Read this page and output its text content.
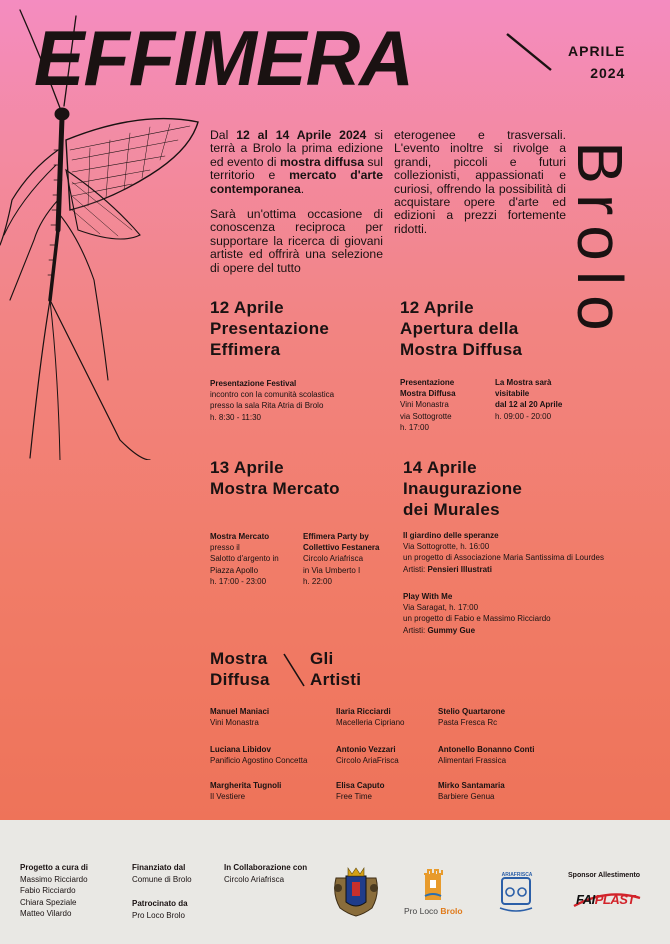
EFFIMERA	APRILE
2024
Brolo

Dal 12 al 14 Aprile 2024 si terrà a Brolo la prima edizione ed evento di mostra diffusa sul territorio e mercato d'arte contemporanea.

Sarà un'ottima occasione di conoscenza reciproca per supportare la ricerca di giovani artiste ed offrirà una selezione di opere del tutto

eterogenee e trasversali. L'evento inoltre si rivolge a grandi, piccoli e futuri collezionisti, appassionati e curiosi, offrendo la possibilità di acquistare opere d'arte ed edizioni a prezzi fortemente ridotti.

12 Aprile
Presentazione
Effimera
Presentazione Festival
incontro con la comunità scolastica
presso la sala Rita Atria di Brolo
h. 8:30 - 11:30
12 Aprile
Apertura della
Mostra Diffusa
Presentazione
Mostra Diffusa
Vini Monastra
via Sottogrotte
h. 17:00
La Mostra sarà
visitabile
dal 12 al 20 Aprile
h. 09:00 - 20:00
13 Aprile
Mostra Mercato
Mostra Mercato
presso il
Salotto d'argento in
Piazza Apollo
h. 17:00 - 23:00
Effimera Party by
Collettivo Festanera
Circolo Ariafrisca
in Via Umberto I
h. 22:00
14 Aprile
Inaugurazione
dei Murales
Il giardino delle speranze
Via Sottogrotte, h. 16:00
un progetto di Associazione Maria Santissima di Lourdes
Artisti: Pensieri Illustrati
Play With Me
Via Saragat, h. 17:00
un progetto di Fabio e Massimo Ricciardo
Artisti: Gummy Gue
Mostra
Diffusa
Gli
Artisti
Manuel Maniaci
Vini Monastra
Ilaria Ricciardi
Macelleria Cipriano
Stelio Quartarone
Pasta Fresca Rc
Luciana Libidov
Panificio Agostino Concetta
Antonio Vezzari
Circolo AriaFrisca
Antonello Bonanno Conti
Alimentari Frassica
Margherita Tugnoli
Il Vestiere
Elisa Caputo
Free Time
Mirko Santamaria
Barbiere Genua
Progetto a cura di
Massimo Ricciardo
Fabio Ricciardo
Chiara Speziale
Matteo Vilardo
Finanziato dal
Comune di Brolo
Patrocinato da
Pro Loco Brolo
In Collaborazione con
Circolo Ariafrisca
Pro Loco Brolo
ARIAFRISCA	Sponsor Allestimento
FAIPLAST
